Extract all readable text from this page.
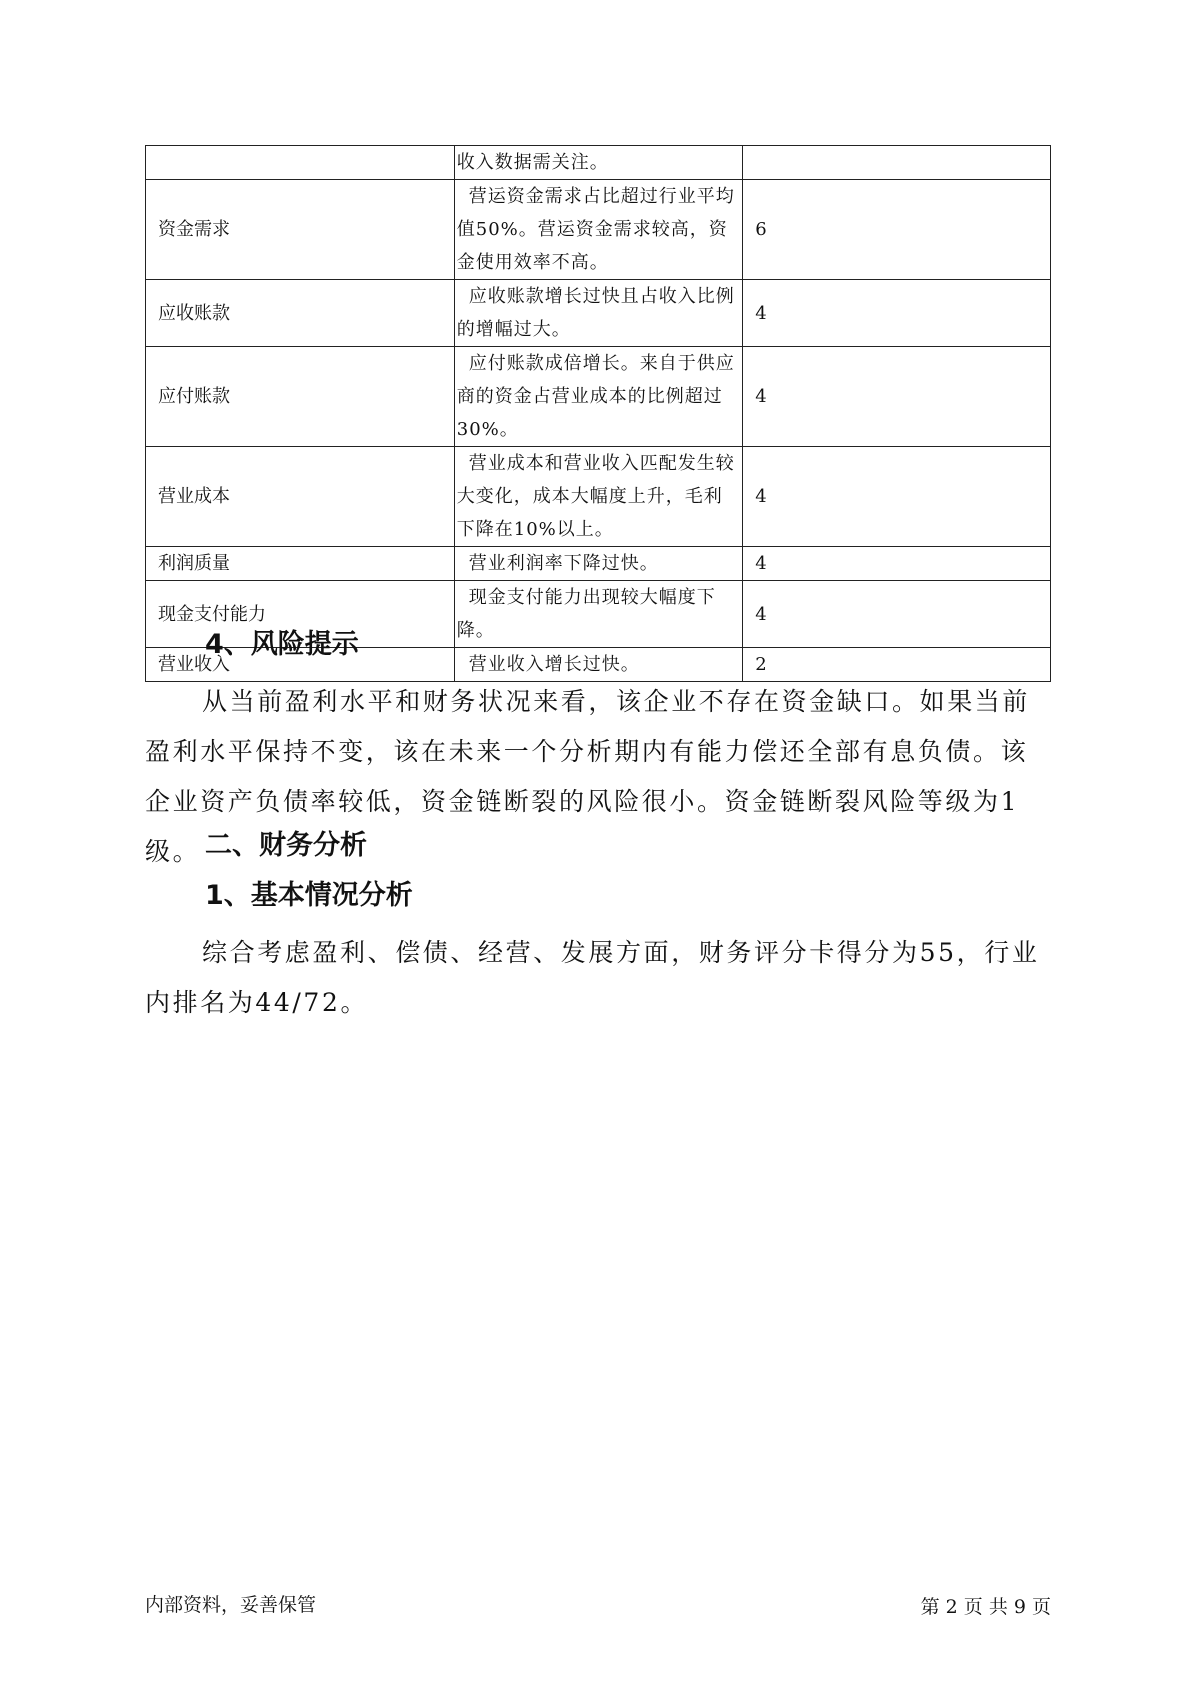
	收入数据需关注。	

资金需求	营运资金需求占比超过行业平均值50%。营运资金需求较高，资金使用效率不高。	6
应收账款	应收账款增长过快且占收入比例的增幅过大。	4
应付账款	应付账款成倍增长。来自于供应商的资金占营业成本的比例超过30%。	4
营业成本	营业成本和营业收入匹配发生较大变化，成本大幅度上升，毛利下降在10%以上。	4
利润质量	营业利润率下降过快。	4
现金支付能力	现金支付能力出现较大幅度下降。	4
营业收入	营业收入增长过快。	2
4、风险提示

从当前盈利水平和财务状况来看，该企业不存在资金缺口。如果当前盈利水平保持不变，该在未来一个分析期内有能力偿还全部有息负债。该企业资产负债率较低，资金链断裂的风险很小。资金链断裂风险等级为1级。 二、财务分析
1、基本情况分析

综合考虑盈利、偿债、经营、发展方面，财务评分卡得分为55，行业内排名为44/72。

内部资料，妥善保管	第 2 页 共 9 页
